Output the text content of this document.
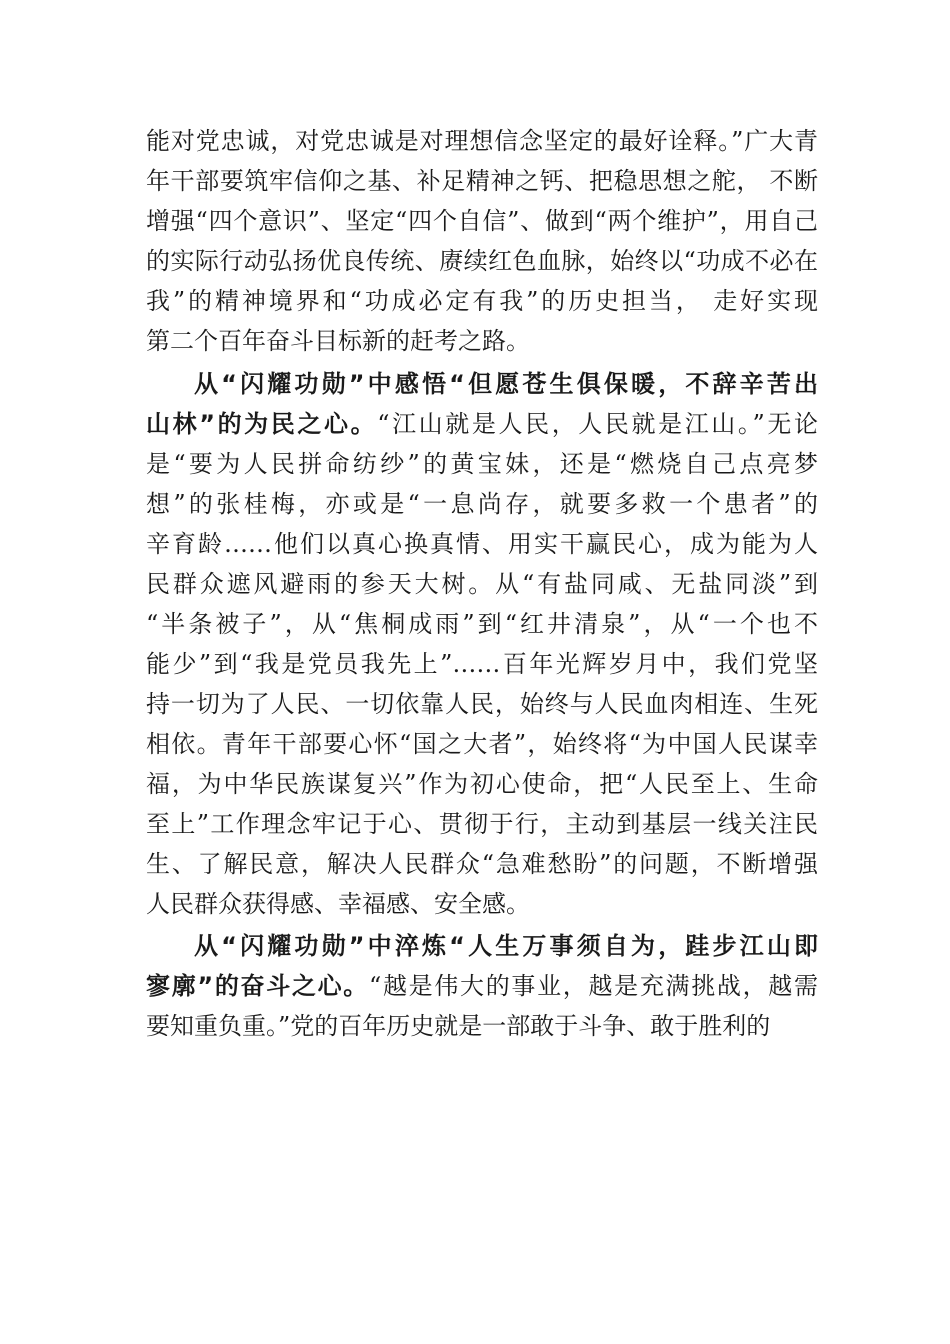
能对党忠诚，对党忠诚是对理想信念坚定的最好诠释。”广大青
年干部要筑牢信仰之基、补足精神之钙、把稳思想之舵， 不断
增强“四个意识”、坚定“四个自信”、做到“两个维护”，用自己
的实际行动弘扬优良传统、赓续红色血脉，始终以“功成不必在
我”的精神境界和“功成必定有我”的历史担当， 走好实现
第二个百年奋斗目标新的赶考之路。
从“闪耀功勋”中感悟“但愿苍生俱保暖，不辞辛苦出
山林”的为民之心。“江山就是人民，人民就是江山。”无论
是“要为人民拼命纺纱”的黄宝妹，还是“燃烧自己点亮梦
想”的张桂梅，亦或是“一息尚存，就要多救一个患者”的
辛育龄……他们以真心换真情、用实干赢民心，成为能为人
民群众遮风避雨的参天大树。从“有盐同咸、无盐同淡”到
“半条被子”，从“焦桐成雨”到“红井清泉”，从“一个也不
能少”到“我是党员我先上”……百年光辉岁月中，我们党坚
持一切为了人民、一切依靠人民，始终与人民血肉相连、生死
相依。青年干部要心怀“国之大者”，始终将“为中国人民谋幸
福，为中华民族谋复兴”作为初心使命，把“人民至上、生命
至上”工作理念牢记于心、贯彻于行，主动到基层一线关注民
生、了解民意，解决人民群众“急难愁盼”的问题，不断增强
人民群众获得感、幸福感、安全感。
从“闪耀功勋”中淬炼“人生万事须自为，跬步江山即
寥廓”的奋斗之心。“越是伟大的事业，越是充满挑战，越需
要知重负重。”党的百年历史就是一部敢于斗争、敢于胜利的
